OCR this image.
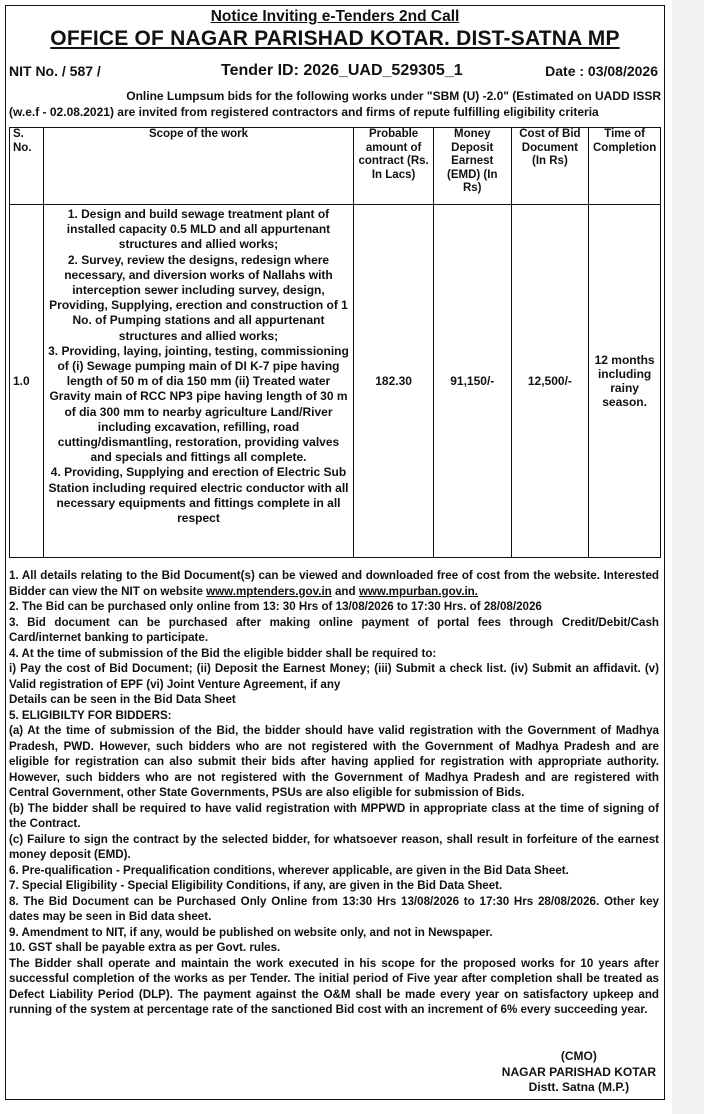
Notice Inviting e-Tenders 2nd Call
OFFICE OF NAGAR PARISHAD KOTAR. DIST-SATNA MP
NIT No. / 587 /	Tender ID: 2026_UAD_529305_1	Date : 03/08/2026
Online Lumpsum bids for the following works under "SBM (U) -2.0" (Estimated on UADD ISSR
(w.e.f - 02.08.2021) are invited from registered contractors and firms of repute fulfilling eligibility criteria
S. No.	Scope of the work	Probable amount of contract (Rs. In Lacs)	Money Deposit Earnest (EMD) (In Rs)	Cost of Bid Document (In Rs)	Time of Completion
1.0	1. Design and build sewage treatment plant of installed capacity 0.5 MLD and all appurtenant structures and allied works;

2. Survey, review the designs, redesign where necessary, and diversion works of Nallahs with interception sewer including survey, design, Providing, Supplying, erection and construction of 1 No. of Pumping stations and all appurtenant structures and allied works;

3. Providing, laying, jointing, testing, commissioning of (i) Sewage pumping main of DI K-7 pipe having length of 50 m of dia 150 mm (ii) Treated water Gravity main of RCC NP3 pipe having length of 30 m of dia 300 mm to nearby agriculture Land/River including excavation, refilling, road cutting/dismantling, restoration, providing valves and specials and fittings all complete.

4. Providing, Supplying and erection of Electric Sub Station including required electric conductor with all necessary equipments and fittings complete in all respect	182.30	91,150/-	12,500/-	12 months including rainy season.

1. All details relating to the Bid Document(s) can be viewed and downloaded free of cost from the website. Interested Bidder can view the NIT on website www.mptenders.gov.in and www.mpurban.gov.in.

2. The Bid can be purchased only online from 13: 30 Hrs of 13/08/2026 to 17:30 Hrs. of 28/08/2026

3. Bid document can be purchased after making online payment of portal fees through Credit/Debit/Cash Card/internet banking to participate.

4. At the time of submission of the Bid the eligible bidder shall be required to:

i) Pay the cost of Bid Document; (ii) Deposit the Earnest Money; (iii) Submit a check list. (iv) Submit an affidavit. (v) Valid registration of EPF (vi) Joint Venture Agreement, if any

Details can be seen in the Bid Data Sheet

5. ELIGIBILTY FOR BIDDERS:

(a) At the time of submission of the Bid, the bidder should have valid registration with the Government of Madhya Pradesh, PWD. However, such bidders who are not registered with the Government of Madhya Pradesh and are eligible for registration can also submit their bids after having applied for registration with appropriate authority. However, such bidders who are not registered with the Government of Madhya Pradesh and are registered with Central Government, other State Governments, PSUs are also eligible for submission of Bids.

(b) The bidder shall be required to have valid registration with MPPWD in appropriate class at the time of signing of the Contract.

(c) Failure to sign the contract by the selected bidder, for whatsoever reason, shall result in forfeiture of the earnest money deposit (EMD).

6. Pre-qualification - Prequalification conditions, wherever applicable, are given in the Bid Data Sheet.

7. Special Eligibility - Special Eligibility Conditions, if any, are given in the Bid Data Sheet.

8. The Bid Document can be Purchased Only Online from 13:30 Hrs 13/08/2026 to 17:30 Hrs 28/08/2026. Other key dates may be seen in Bid data sheet.

9. Amendment to NIT, if any, would be published on website only, and not in Newspaper.

10. GST shall be payable extra as per Govt. rules.

The Bidder shall operate and maintain the work executed in his scope for the proposed works for 10 years after successful completion of the works as per Tender. The initial period of Five year after completion shall be treated as Defect Liability Period (DLP). The payment against the O&M shall be made every year on satisfactory upkeep and running of the system at percentage rate of the sanctioned Bid cost with an increment of 6% every succeeding year.

(CMO)
NAGAR PARISHAD KOTAR

Distt. Satna (M.P.)
